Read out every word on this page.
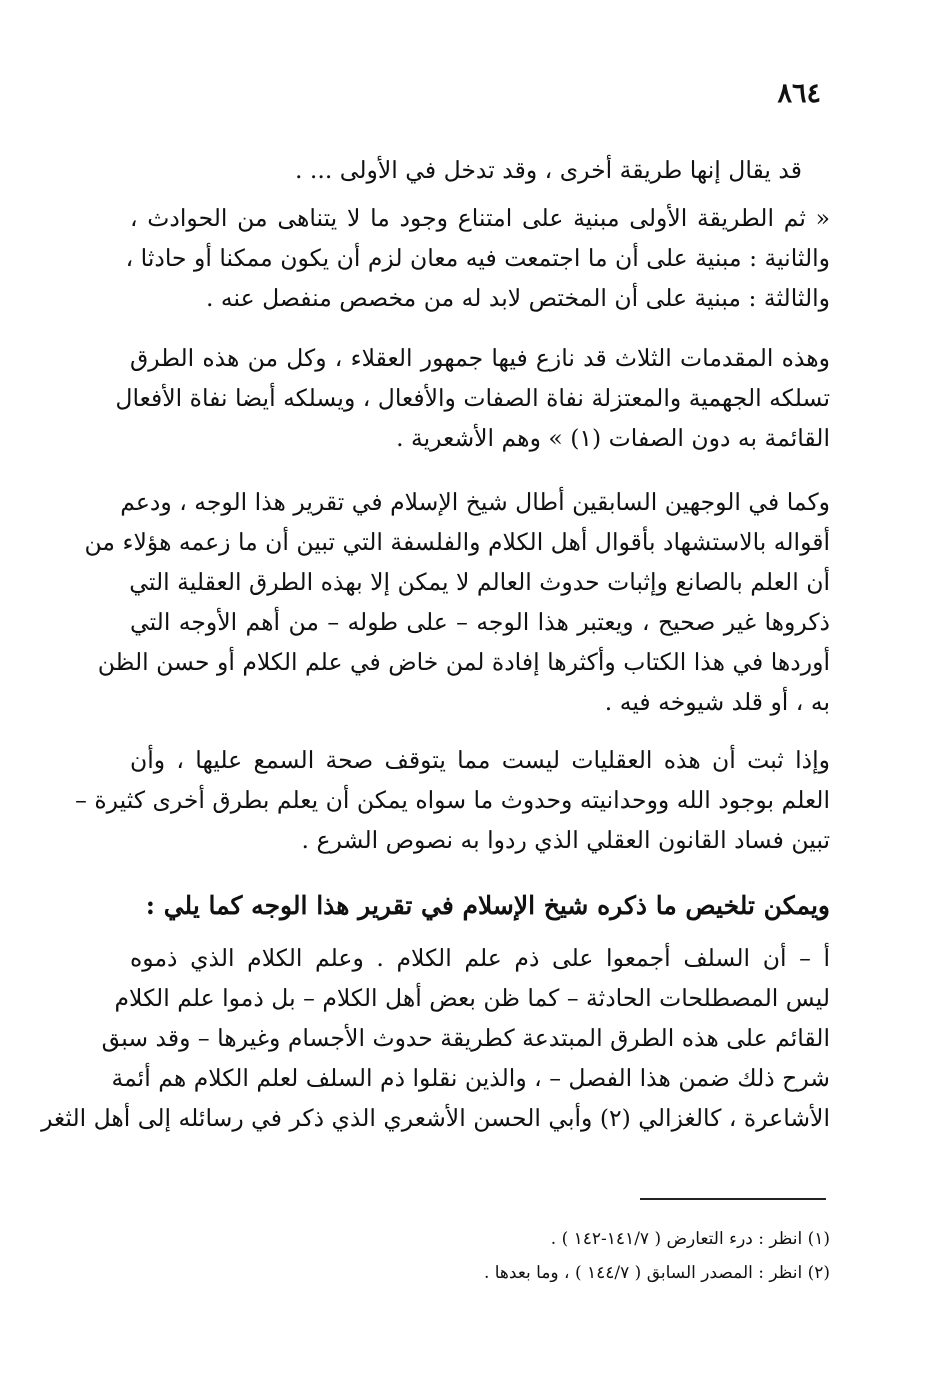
٨٦٤
قد يقال إنها طريقة أخرى ، وقد تدخل في الأولى ... .
« ثم الطريقة الأولى مبنية على امتناع وجود ما لا يتناهى من الحوادث ،
والثانية : مبنية على أن ما اجتمعت فيه معان لزم أن يكون ممكنا أو حادثا ،
والثالثة : مبنية على أن المختص لابد له من مخصص منفصل عنه .
وهذه المقدمات الثلاث قد نازع فيها جمهور العقلاء ، وكل من هذه الطرق
تسلكه الجهمية والمعتزلة نفاة الصفات والأفعال ، ويسلكه أيضا نفاة الأفعال
القائمة به دون الصفات (١) » وهم الأشعرية .
وكما في الوجهين السابقين أطال شيخ الإسلام في تقرير هذا الوجه ، ودعم
أقواله بالاستشهاد بأقوال أهل الكلام والفلسفة التي تبين أن ما زعمه هؤلاء من
أن العلم بالصانع وإثبات حدوث العالم لا يمكن إلا بهذه الطرق العقلية التي
ذكروها غير صحيح ، ويعتبر هذا الوجه – على طوله – من أهم الأوجه التي
أوردها في هذا الكتاب وأكثرها إفادة لمن خاض في علم الكلام أو حسن الظن
به ، أو قلد شيوخه فيه .
وإذا ثبت أن هذه العقليات ليست مما يتوقف صحة السمع عليها ، وأن
العلم بوجود الله ووحدانيته وحدوث ما سواه يمكن أن يعلم بطرق أخرى كثيرة –
تبين فساد القانون العقلي الذي ردوا به نصوص الشرع .
ويمكن تلخيص ما ذكره شيخ الإسلام في تقرير هذا الوجه كما يلي :
أ – أن السلف أجمعوا على ذم علم الكلام . وعلم الكلام الذي ذموه
ليس المصطلحات الحادثة – كما ظن بعض أهل الكلام – بل ذموا علم الكلام
القائم على هذه الطرق المبتدعة كطريقة حدوث الأجسام وغيرها – وقد سبق
شرح ذلك ضمن هذا الفصل – ، والذين نقلوا ذم السلف لعلم الكلام هم أئمة
الأشاعرة ، كالغزالي (٢) وأبي الحسن الأشعري الذي ذكر في رسائله إلى أهل الثغر
(١) انظر : درء التعارض ( ١٤١/٧-١٤٢ ) .
(٢) انظر : المصدر السابق ( ١٤٤/٧ ) ، وما بعدها .
